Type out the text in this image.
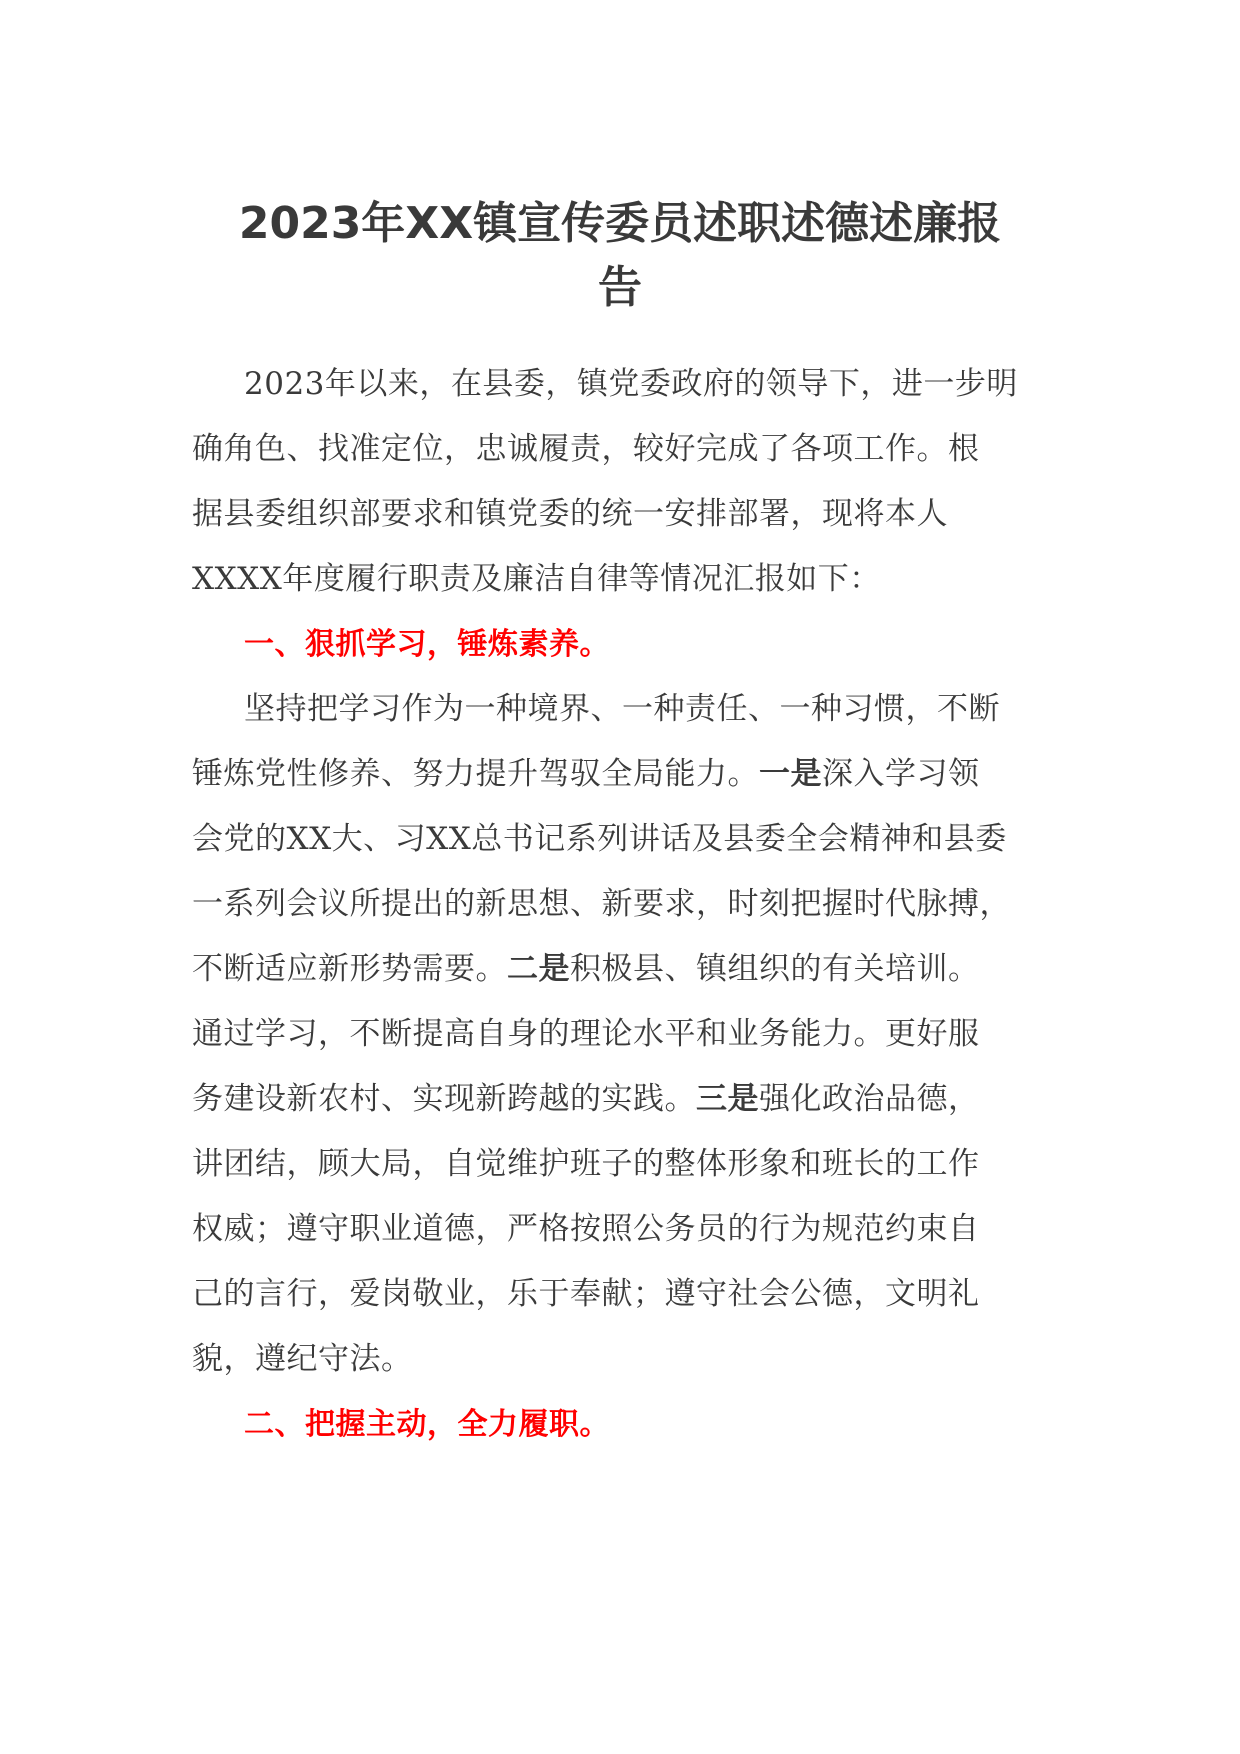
2023年XX镇宣传委员述职述德述廉报
告
2023年以来，在县委，镇党委政府的领导下，进一步明
确角色、找准定位，忠诚履责，较好完成了各项工作。根
据县委组织部要求和镇党委的统一安排部署，现将本人
XXXX年度履行职责及廉洁自律等情况汇报如下：
一、狠抓学习，锤炼素养。
坚持把学习作为一种境界、一种责任、一种习惯，不断
锤炼党性修养、努力提升驾驭全局能力。一是深入学习领
会党的XX大、习XX总书记系列讲话及县委全会精神和县委
一系列会议所提出的新思想、新要求，时刻把握时代脉搏，
不断适应新形势需要。二是积极县、镇组织的有关培训。
通过学习，不断提高自身的理论水平和业务能力。更好服
务建设新农村、实现新跨越的实践。三是强化政治品德，
讲团结，顾大局，自觉维护班子的整体形象和班长的工作
权威；遵守职业道德，严格按照公务员的行为规范约束自
己的言行，爱岗敬业，乐于奉献；遵守社会公德，文明礼
貌，遵纪守法。
二、把握主动，全力履职。
